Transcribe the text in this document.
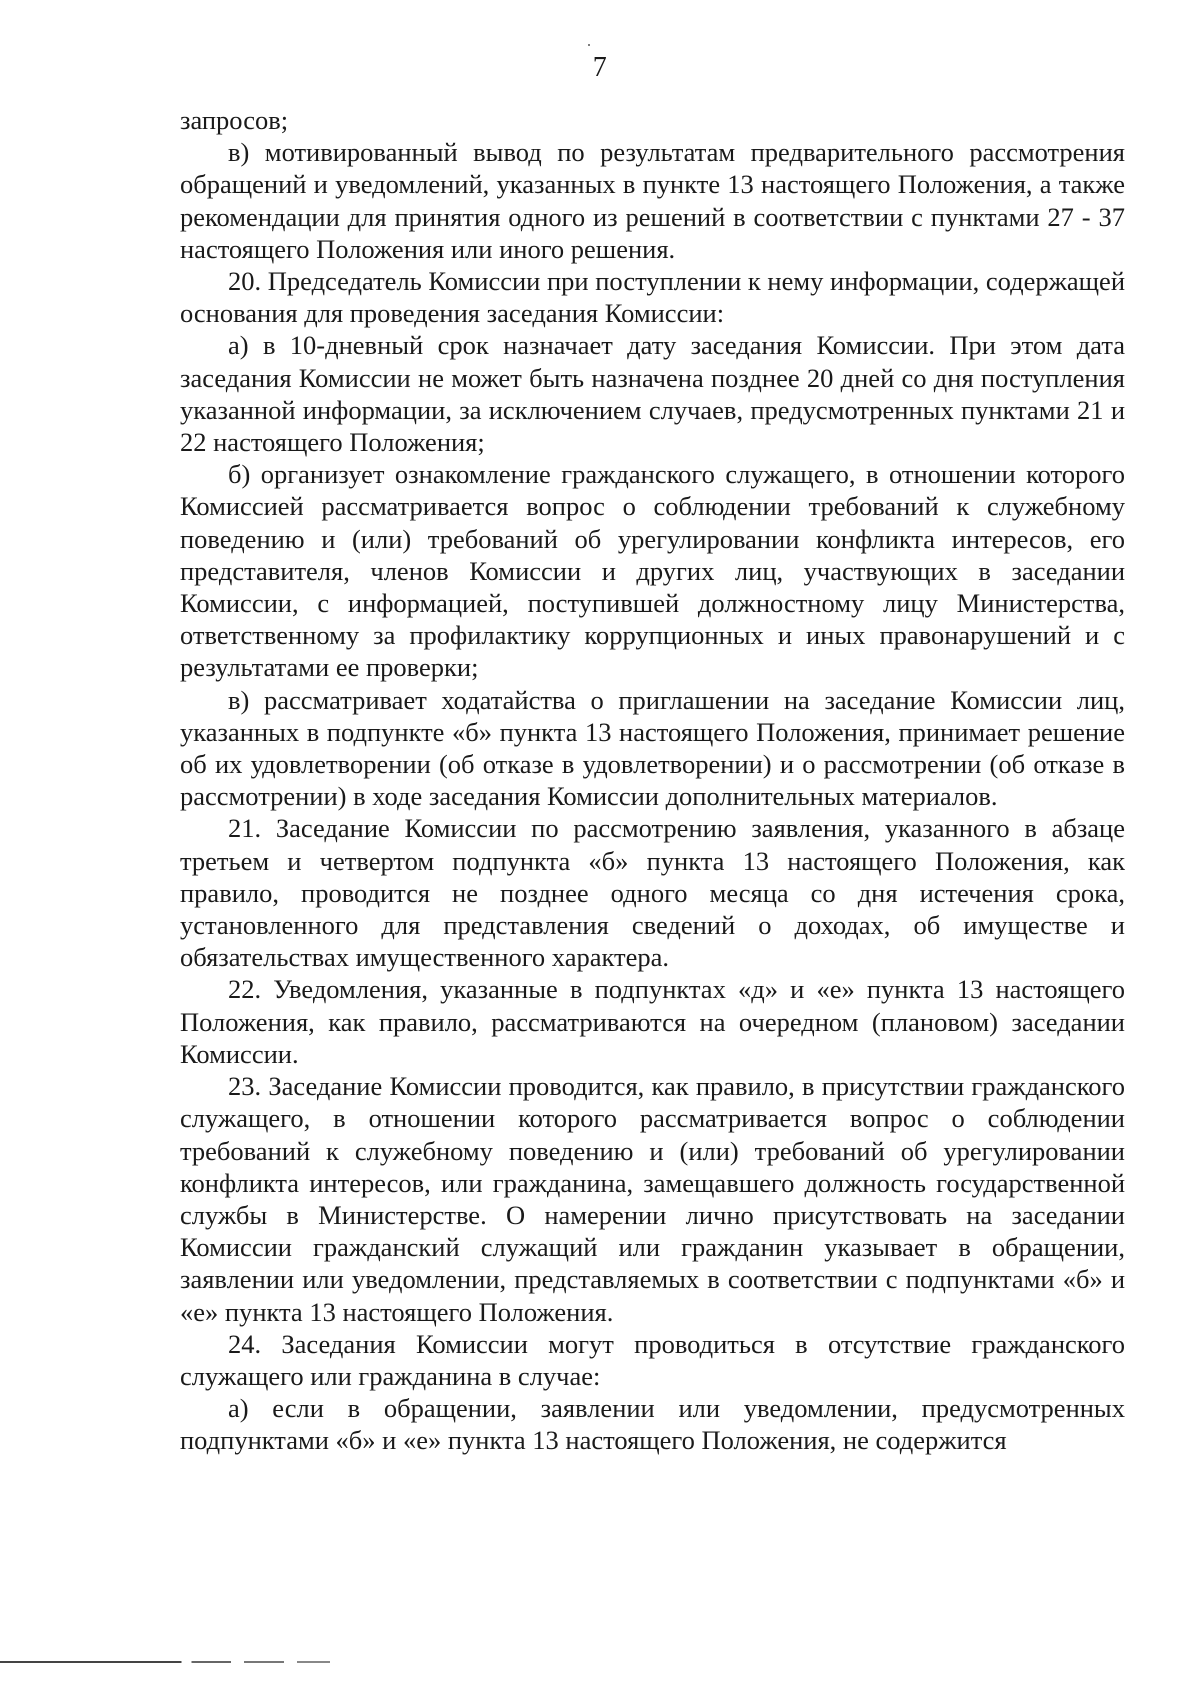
7

запросов;

в) мотивированный вывод по результатам предварительного рассмотрения обращений и уведомлений, указанных в пункте 13 настоящего Положения, а также рекомендации для принятия одного из решений в соответствии с пунктами 27 - 37 настоящего Положения или иного решения.

20. Председатель Комиссии при поступлении к нему информации, содержащей основания для проведения заседания Комиссии:

а) в 10-дневный срок назначает дату заседания Комиссии. При этом дата заседания Комиссии не может быть назначена позднее 20 дней со дня поступления указанной информации, за исключением случаев, предусмотренных пунктами 21 и 22 настоящего Положения;

б) организует ознакомление гражданского служащего, в отношении которого Комиссией рассматривается вопрос о соблюдении требований к служебному поведению и (или) требований об урегулировании конфликта интересов, его представителя, членов Комиссии и других лиц, участвующих в заседании Комиссии, с информацией, поступившей должностному лицу Министерства, ответственному за профилактику коррупционных и иных правонарушений и с результатами ее проверки;

в) рассматривает ходатайства о приглашении на заседание Комиссии лиц, указанных в подпункте «б» пункта 13 настоящего Положения, принимает решение об их удовлетворении (об отказе в удовлетворении) и о рассмотрении (об отказе в рассмотрении) в ходе заседания Комиссии дополнительных материалов.

21. Заседание Комиссии по рассмотрению заявления, указанного в абзаце третьем и четвертом подпункта «б» пункта 13 настоящего Положения, как правило, проводится не позднее одного месяца со дня истечения срока, установленного для представления сведений о доходах, об имуществе и обязательствах имущественного характера.

22. Уведомления, указанные в подпунктах «д» и «е» пункта 13 настоящего Положения, как правило, рассматриваются на очередном (плановом) заседании Комиссии.

23. Заседание Комиссии проводится, как правило, в присутствии гражданского служащего, в отношении которого рассматривается вопрос о соблюдении требований к служебному поведению и (или) требований об урегулировании конфликта интересов, или гражданина, замещавшего должность государственной службы в Министерстве. О намерении лично присутствовать на заседании Комиссии гражданский служащий или гражданин указывает в обращении, заявлении или уведомлении, представляемых в соответствии с подпунктами «б» и «е» пункта 13 настоящего Положения.

24. Заседания Комиссии могут проводиться в отсутствие гражданского служащего или гражданина в случае:

а) если в обращении, заявлении или уведомлении, предусмотренных подпунктами «б» и «е» пункта 13 настоящего Положения, не содержится
